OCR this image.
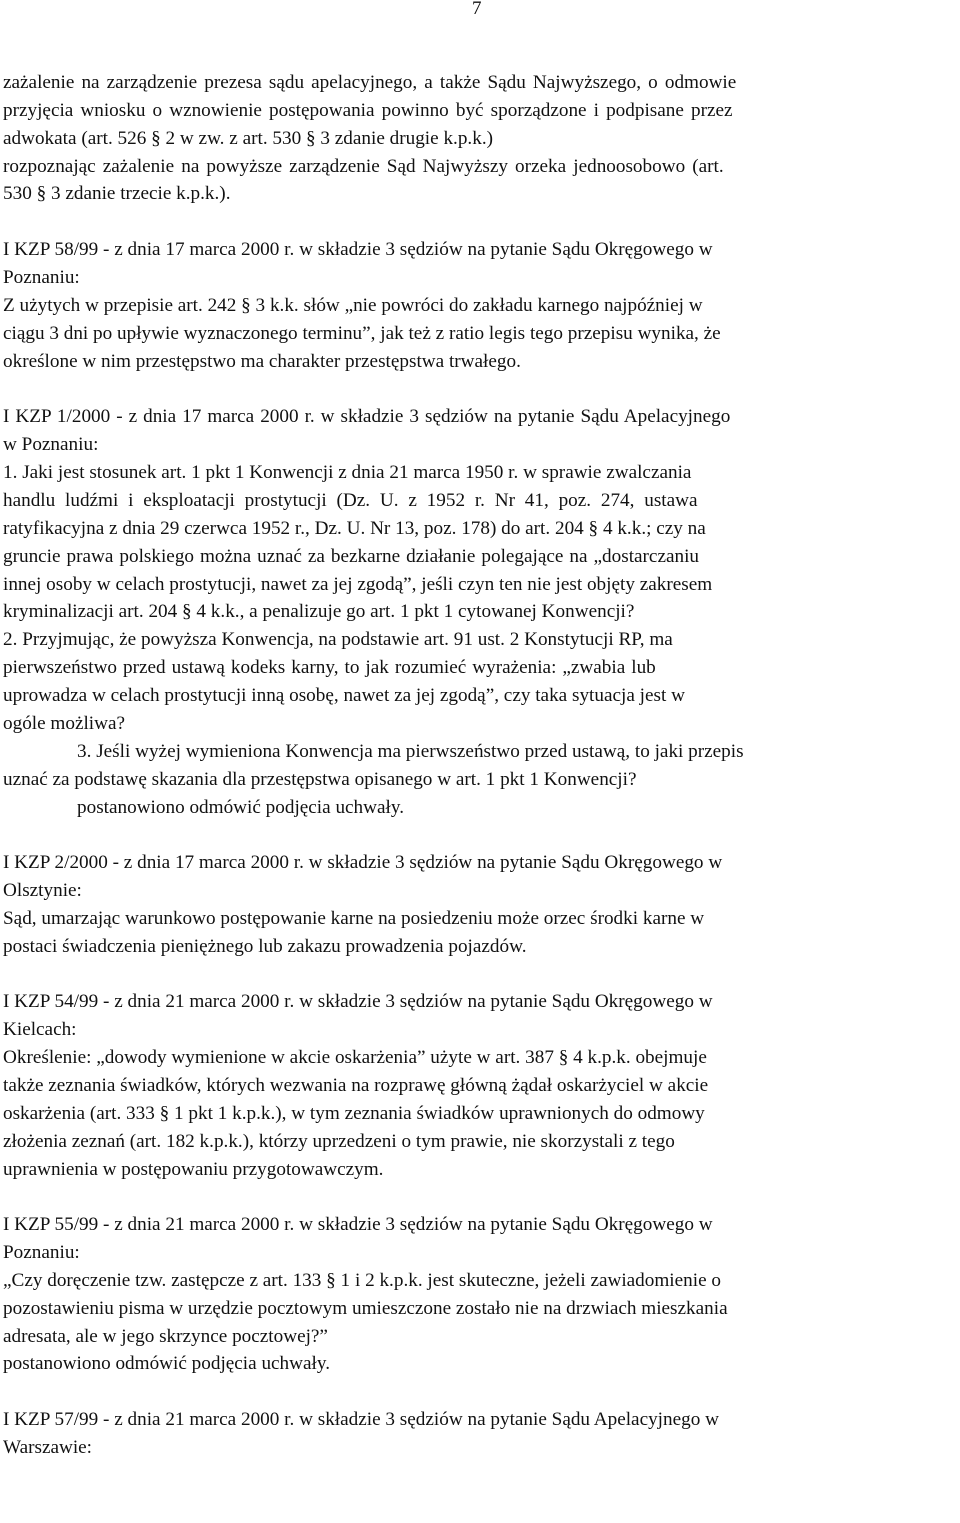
7
zażalenie na zarządzenie prezesa sądu apelacyjnego, a także Sądu Najwyższego, o odmowie
przyjęcia wniosku o wznowienie postępowania powinno być sporządzone i podpisane przez
adwokata (art. 526 § 2 w zw. z art. 530 § 3 zdanie drugie k.p.k.)
rozpoznając zażalenie na powyższe zarządzenie Sąd Najwyższy orzeka jednoosobowo (art.
530 § 3 zdanie trzecie k.p.k.).
I KZP 58/99 - z dnia 17 marca 2000 r. w składzie 3 sędziów na pytanie Sądu Okręgowego w
Poznaniu:
Z użytych w przepisie art. 242 § 3 k.k. słów „nie powróci do zakładu karnego najpóźniej w
ciągu 3 dni po upływie wyznaczonego terminu”, jak też z ratio legis tego przepisu wynika, że
określone w nim przestępstwo ma charakter przestępstwa trwałego.
I KZP 1/2000 - z dnia 17 marca 2000 r. w składzie 3 sędziów na pytanie Sądu Apelacyjnego
w Poznaniu:
1. Jaki jest stosunek art. 1 pkt 1 Konwencji z dnia 21 marca 1950 r. w sprawie zwalczania
handlu ludźmi i eksploatacji prostytucji (Dz. U. z 1952 r. Nr 41, poz. 274, ustawa
ratyfikacyjna z dnia 29 czerwca 1952 r., Dz. U. Nr 13, poz. 178) do art. 204 § 4 k.k.; czy na
gruncie prawa polskiego można uznać za bezkarne działanie polegające na „dostarczaniu
innej osoby w celach prostytucji, nawet za jej zgodą”, jeśli czyn ten nie jest objęty zakresem
kryminalizacji art. 204 § 4 k.k., a penalizuje go art. 1 pkt 1 cytowanej Konwencji?
2. Przyjmując, że powyższa Konwencja, na podstawie art. 91 ust. 2 Konstytucji RP, ma
pierwszeństwo przed ustawą kodeks karny, to jak rozumieć wyrażenia: „zwabia lub
uprowadza w celach prostytucji inną osobę, nawet za jej zgodą”, czy taka sytuacja jest w
ogóle możliwa?
3. Jeśli wyżej wymieniona Konwencja ma pierwszeństwo przed ustawą, to jaki przepis
uznać za podstawę skazania dla przestępstwa opisanego w art. 1 pkt 1 Konwencji?
postanowiono odmówić podjęcia uchwały.
I KZP 2/2000 - z dnia 17 marca 2000 r. w składzie 3 sędziów na pytanie Sądu Okręgowego w
Olsztynie:
Sąd, umarzając warunkowo postępowanie karne na posiedzeniu może orzec środki karne w
postaci świadczenia pieniężnego lub zakazu prowadzenia pojazdów.
I KZP 54/99 - z dnia 21 marca 2000 r. w składzie 3 sędziów na pytanie Sądu Okręgowego w
Kielcach:
Określenie: „dowody wymienione w akcie oskarżenia” użyte w art. 387 § 4 k.p.k. obejmuje
także zeznania świadków, których wezwania na rozprawę główną żądał oskarżyciel w akcie
oskarżenia (art. 333 § 1 pkt 1 k.p.k.), w tym zeznania świadków uprawnionych do odmowy
złożenia zeznań (art. 182 k.p.k.), którzy uprzedzeni o tym prawie, nie skorzystali z tego
uprawnienia w postępowaniu przygotowawczym.
I KZP 55/99 - z dnia 21 marca 2000 r. w składzie 3 sędziów na pytanie Sądu Okręgowego w
Poznaniu:
„Czy doręczenie tzw. zastępcze z art. 133 § 1 i 2 k.p.k. jest skuteczne, jeżeli zawiadomienie o
pozostawieniu pisma w urzędzie pocztowym umieszczone zostało nie na drzwiach mieszkania
adresata, ale w jego skrzynce pocztowej?”
postanowiono odmówić podjęcia uchwały.
I KZP 57/99 - z dnia 21 marca 2000 r. w składzie 3 sędziów na pytanie Sądu Apelacyjnego w
Warszawie:
